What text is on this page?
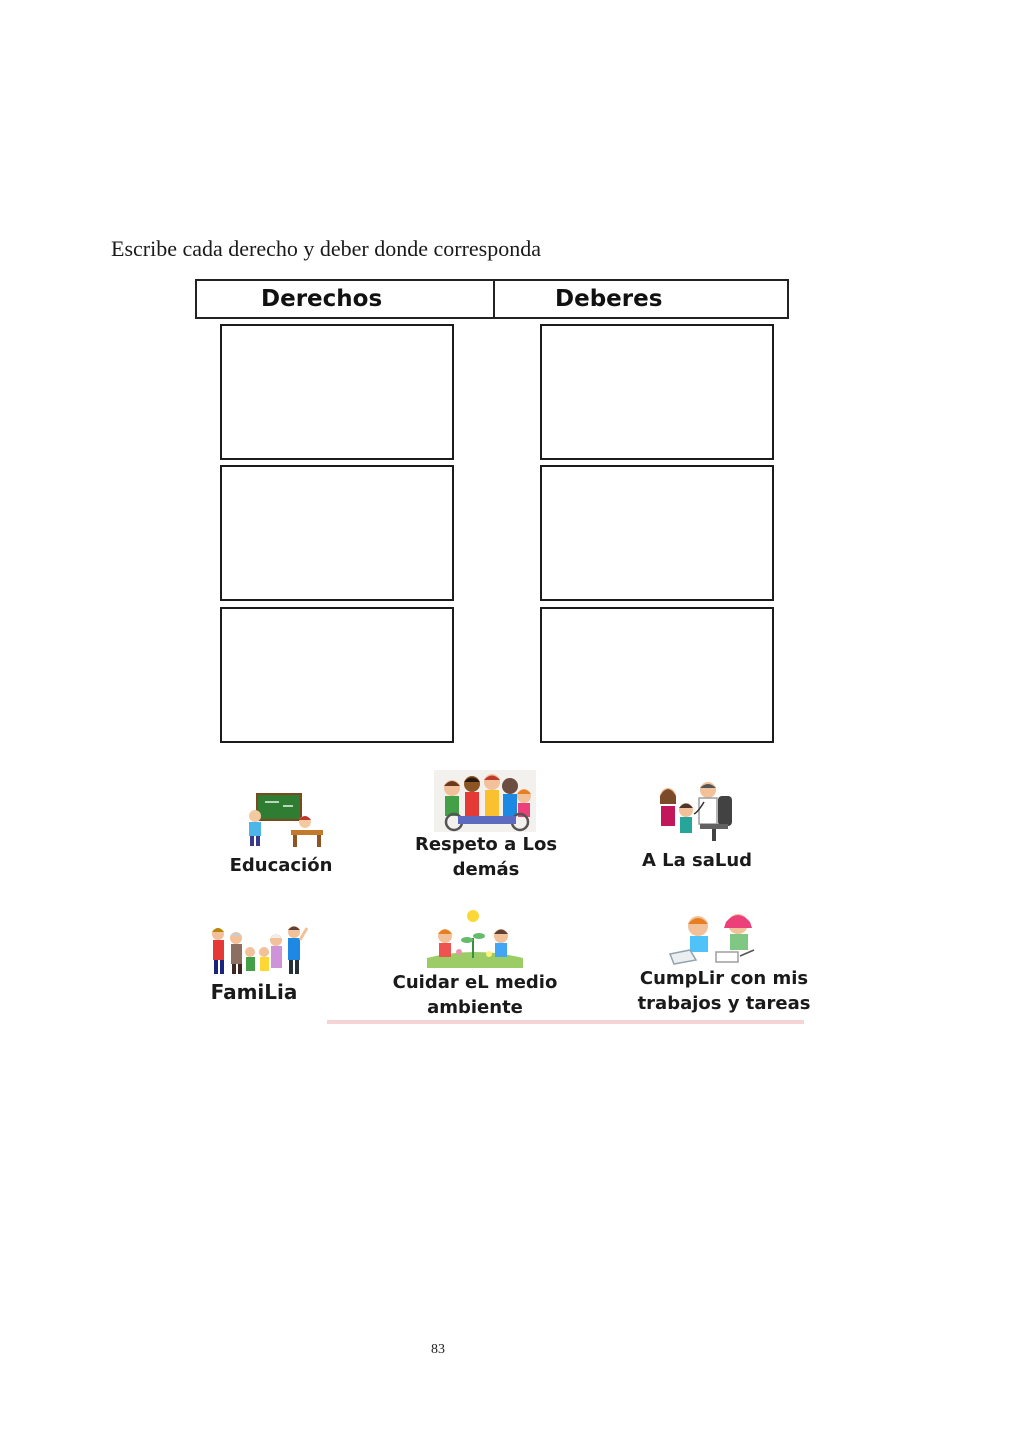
Escribe cada derecho y deber donde corresponda
Derechos	Deberes
Educación
Respeto a Los demás	A La saLud
FamiLia	Cuidar eL medio ambiente
CumpLir con mis trabajos y tareas
83
